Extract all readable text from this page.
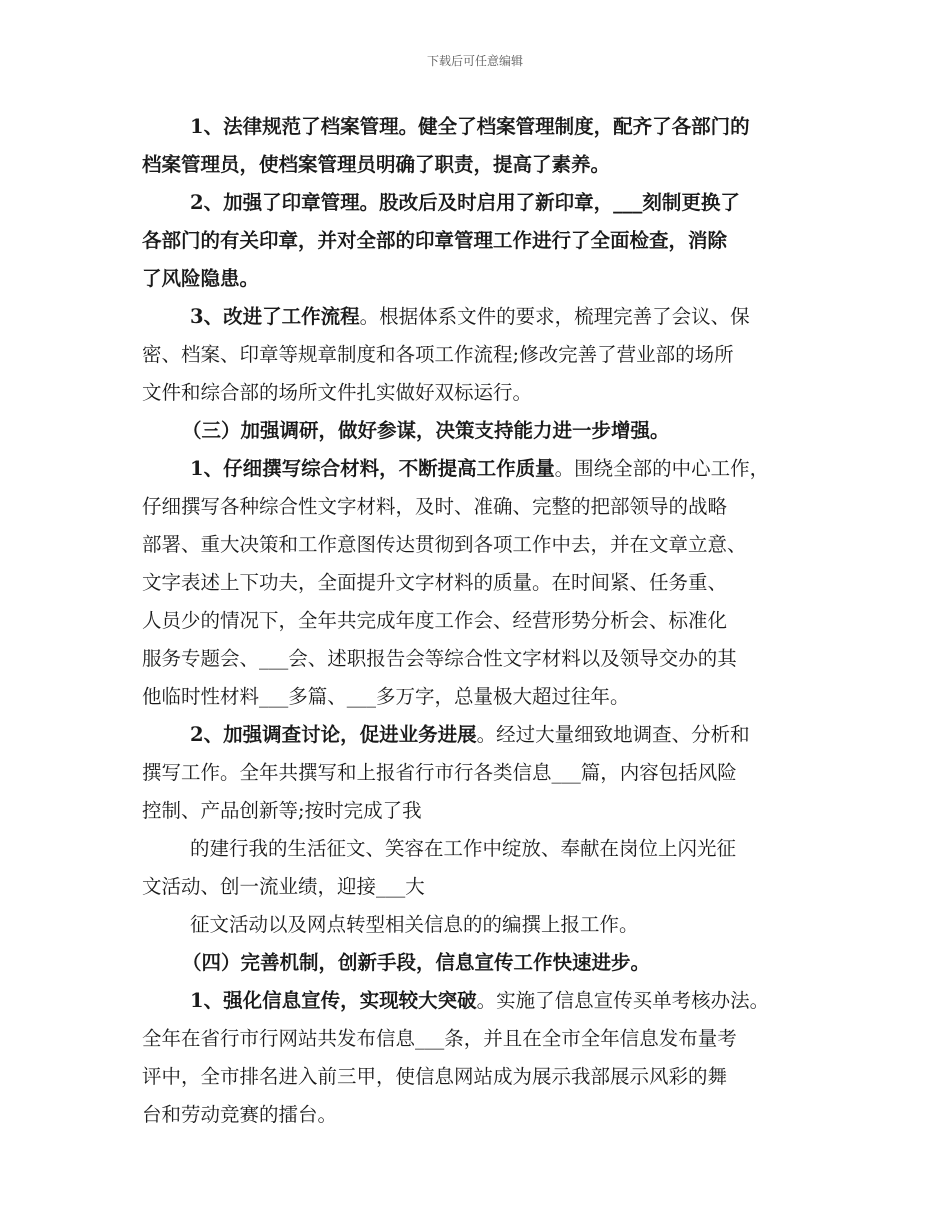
下载后可任意编辑
1、法律规范了档案管理。健全了档案管理制度，配齐了各部门的
档案管理员，使档案管理员明确了职责，提高了素养。
2、加强了印章管理。股改后及时启用了新印章，___刻制更换了
各部门的有关印章，并对全部的印章管理工作进行了全面检查，消除
了风险隐患。
3、改进了工作流程。根据体系文件的要求，梳理完善了会议、保
密、档案、印章等规章制度和各项工作流程;修改完善了营业部的场所
文件和综合部的场所文件扎实做好双标运行。
（三）加强调研，做好参谋，决策支持能力进一步增强。
1、仔细撰写综合材料，不断提高工作质量。围绕全部的中心工作，
仔细撰写各种综合性文字材料，及时、准确、完整的把部领导的战略
部署、重大决策和工作意图传达贯彻到各项工作中去，并在文章立意、
文字表述上下功夫，全面提升文字材料的质量。在时间紧、任务重、
人员少的情况下，全年共完成年度工作会、经营形势分析会、标准化
服务专题会、___会、述职报告会等综合性文字材料以及领导交办的其
他临时性材料___多篇、___多万字，总量极大超过往年。
2、加强调查讨论，促进业务进展。经过大量细致地调查、分析和
撰写工作。全年共撰写和上报省行市行各类信息___篇，内容包括风险
控制、产品创新等;按时完成了我
的建行我的生活征文、笑容在工作中绽放、奉献在岗位上闪光征
文活动、创一流业绩，迎接___大
征文活动以及网点转型相关信息的的编撰上报工作。
（四）完善机制，创新手段，信息宣传工作快速进步。
1、强化信息宣传，实现较大突破。实施了信息宣传买单考核办法。
全年在省行市行网站共发布信息___条，并且在全市全年信息发布量考
评中，全市排名进入前三甲，使信息网站成为展示我部展示风彩的舞
台和劳动竞赛的擂台。
